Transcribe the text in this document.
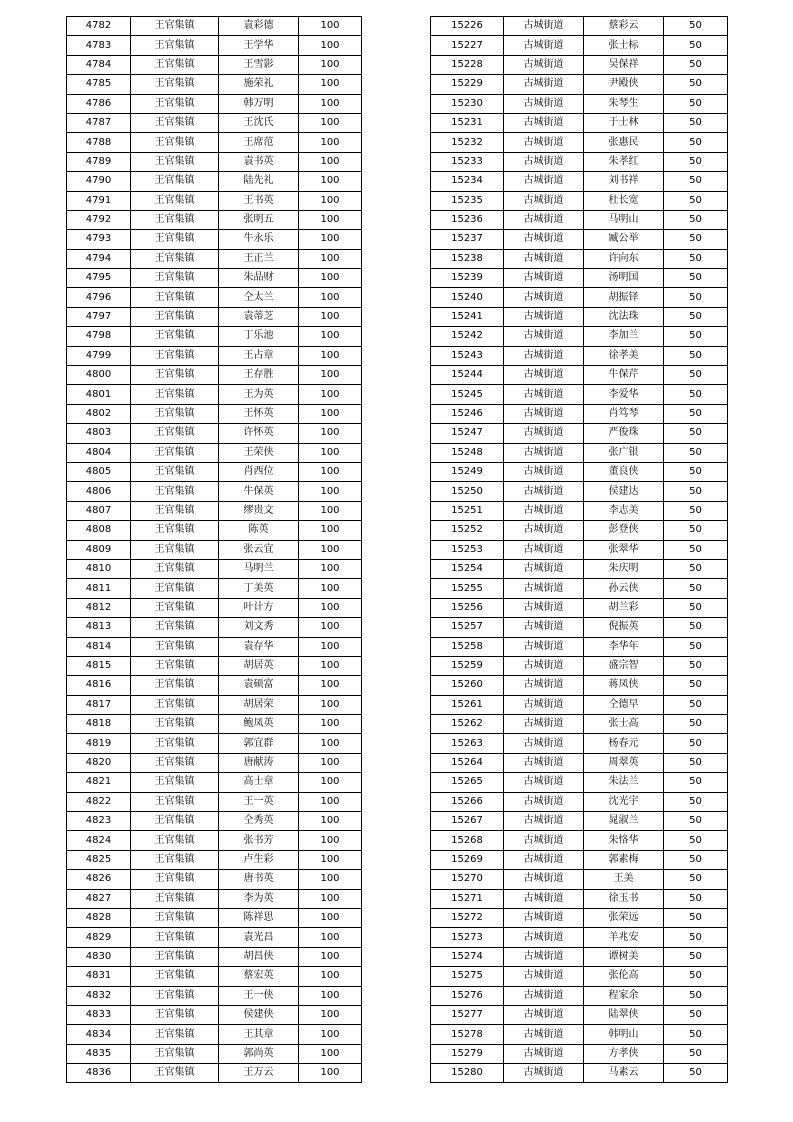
4782	王官集镇	袁彩德	100
4783	王官集镇	王学华	100
4784	王官集镇	王雪影	100
4785	王官集镇	施荣礼	100
4786	王官集镇	韩万明	100
4787	王官集镇	王沈氏	100
4788	王官集镇	王席范	100
4789	王官集镇	袁书英	100
4790	王官集镇	陆先礼	100
4791	王官集镇	王书英	100
4792	王官集镇	张明五	100
4793	王官集镇	牛永乐	100
4794	王官集镇	王正兰	100
4795	王官集镇	朱品财	100
4796	王官集镇	仝太兰	100
4797	王官集镇	袁蒂芝	100
4798	王官集镇	丁乐池	100
4799	王官集镇	王占章	100
4800	王官集镇	王存胜	100
4801	王官集镇	王为英	100
4802	王官集镇	王怀英	100
4803	王官集镇	许怀英	100
4804	王官集镇	王荣侠	100
4805	王官集镇	肖西位	100
4806	王官集镇	牛保英	100
4807	王官集镇	缪贵文	100
4808	王官集镇	陈英	100
4809	王官集镇	张云宜	100
4810	王官集镇	马明兰	100
4811	王官集镇	丁美英	100
4812	王官集镇	叶计方	100
4813	王官集镇	刘文秀	100
4814	王官集镇	袁存华	100
4815	王官集镇	胡居英	100
4816	王官集镇	袁硕富	100
4817	王官集镇	胡居荣	100
4818	王官集镇	鲍凤英	100
4819	王官集镇	郭宜群	100
4820	王官集镇	唐献涛	100
4821	王官集镇	高士章	100
4822	王官集镇	王一英	100
4823	王官集镇	仝秀英	100
4824	王官集镇	张书芳	100
4825	王官集镇	卢生彩	100
4826	王官集镇	唐书英	100
4827	王官集镇	李为英	100
4828	王官集镇	陈祥思	100
4829	王官集镇	袁光昌	100
4830	王官集镇	胡昌侠	100
4831	王官集镇	蔡宏英	100
4832	王官集镇	王一侠	100
4833	王官集镇	侯建侠	100
4834	王官集镇	王其章	100
4835	王官集镇	郭尚英	100
4836	王官集镇	王万云	100
15226	古城街道	蔡彩云	50
15227	古城街道	张士标	50
15228	古城街道	吴保祥	50
15229	古城街道	尹殿侠	50
15230	古城街道	朱琴生	50
15231	古城街道	于士林	50
15232	古城街道	张惠民	50
15233	古城街道	朱孝红	50
15234	古城街道	刘书祥	50
15235	古城街道	杜长宽	50
15236	古城街道	马明山	50
15237	古城街道	臧公举	50
15238	古城街道	许向东	50
15239	古城街道	汤明国	50
15240	古城街道	胡振铎	50
15241	古城街道	沈法珠	50
15242	古城街道	李加兰	50
15243	古城街道	徐孝美	50
15244	古城街道	牛保芹	50
15245	古城街道	李爱华	50
15246	古城街道	肖笃琴	50
15247	古城街道	严俊珠	50
15248	古城街道	张广银	50
15249	古城街道	董良侠	50
15250	古城街道	侯建达	50
15251	古城街道	李志美	50
15252	古城街道	彭登侠	50
15253	古城街道	张翠华	50
15254	古城街道	朱庆明	50
15255	古城街道	孙云侠	50
15256	古城街道	胡兰彩	50
15257	古城街道	倪振英	50
15258	古城街道	李华年	50
15259	古城街道	盛宗智	50
15260	古城街道	蒋凤侠	50
15261	古城街道	仝德早	50
15262	古城街道	张士高	50
15263	古城街道	杨春元	50
15264	古城街道	周翠英	50
15265	古城街道	朱法兰	50
15266	古城街道	沈光宇	50
15267	古城街道	晁淑兰	50
15268	古城街道	朱恪华	50
15269	古城街道	郭素梅	50
15270	古城街道	王美	50
15271	古城街道	徐玉书	50
15272	古城街道	张荣远	50
15273	古城街道	羊兆安	50
15274	古城街道	谭树美	50
15275	古城街道	张伦高	50
15276	古城街道	程家余	50
15277	古城街道	陆翠侠	50
15278	古城街道	韩明山	50
15279	古城街道	方孝侠	50
15280	古城街道	马素云	50
